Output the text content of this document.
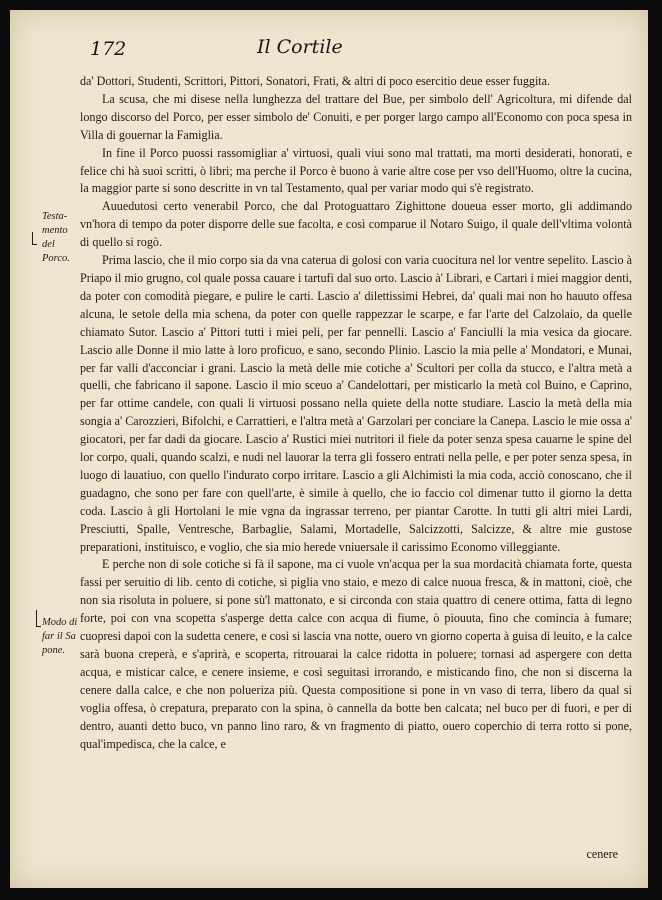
172	Il Cortile
Testa-mento del Porco.
Modo di far il Sa pone.

da' Dottori, Studenti, Scrittori, Pittori, Sonatori, Frati, & altri di poco esercitio deue esser fuggita.

La scusa, che mi disese nella lunghezza del trattare del Bue, per simbolo dell' Agricoltura, mi difende dal longo discorso del Porco, per esser simbolo de' Conuiti, e per porger largo campo all'Economo con poca spesa in Villa di gouernar la Famiglia.

In fine il Porco puossi rassomigliar a' virtuosi, quali viui sono mal trattati, ma morti desiderati, honorati, e felice chi hà suoi scritti, ò libri; ma perche il Porco è buono à varie altre cose per vso dell'Huomo, oltre la cucina, la maggior parte si sono descritte in vn tal Testamento, qual per variar modo qui s'è registrato.

Auuedutosi certo venerabil Porco, che dal Protoguattaro Zighittone doueua esser morto, gli addimando vn'hora di tempo da poter disporre delle sue facolta, e così comparue il Notaro Suigo, il quale dell'vltima volontà di quello si rogò.

Prima lascio, che il mio corpo sia da vna caterua di golosi con varia cuocitura nel lor ventre sepelito. Lascio à Priapo il mio grugno, col quale possa cauare i tartufi dal suo orto. Lascio à' Librari, e Cartari i miei maggior denti, da poter con comodità piegare, e pulire le carti. Lascio a' dilettissimi Hebrei, da' quali mai non ho hauuto offesa alcuna, le setole della mia schena, da poter con quelle rappezzar le scarpe, e far l'arte del Calzolaio, da quelle chiamato Sutor. Lascio a' Pittori tutti i miei peli, per far pennelli. Lascio a' Fanciulli la mia vesica da giocare. Lascio alle Donne il mio latte à loro proficuo, e sano, secondo Plinio. Lascio la mia pelle a' Mondatori, e Munai, per far valli d'acconciar i grani. Lascio la metà delle mie cotiche a' Scultori per colla da stucco, e l'altra metà a quelli, che fabricano il sapone. Lascio il mio sceuo a' Candelottari, per misticarlo la metà col Buino, e Caprino, per far ottime candele, con quali li virtuosi possano nella quiete della notte studiare. Lascio la metà della mia songia a' Carozzieri, Bifolchi, e Carrattieri, e l'altra metà a' Garzolari per conciare la Canepa. Lascio le mie ossa a' giocatori, per far dadi da giocare. Lascio a' Rustici miei nutritori il fiele da poter senza spesa cauarne le spine del lor corpo, quali, quando scalzi, e nudi nel lauorar la terra gli fossero entrati nella pelle, e per poter senza spesa, in luogo di lauatiuo, con quello l'indurato corpo irritare. Lascio a gli Alchimisti la mia coda, acciò conoscano, che il guadagno, che sono per fare con quell'arte, è simile à quello, che io faccio col dimenar tutto il giorno la detta coda. Lascio à gli Hortolani le mie vgna da ingrassar terreno, per piantar Carotte. In tutti gli altri miei Lardi, Presciutti, Spalle, Ventresche, Barbaglie, Salami, Mortadelle, Salcizzotti, Salcizze, & altre mie gustose preparationi, instituisco, e voglio, che sia mio herede vniuersale il carissimo Economo villeggiante.

E perche non di sole cotiche si fà il sapone, ma ci vuole vn'acqua per la sua mordacità chiamata forte, questa fassi per seruitio di lib. cento di cotiche, si piglia vno staio, e mezo di calce nuoua fresca, & in mattoni, cioè, che non sia risoluta in poluere, si pone sù'l mattonato, e si circonda con staia quattro di cenere ottima, fatta di legno forte, poi con vna scopetta s'asperge detta calce con acqua di fiume, ò piouuta, fino che comincia à fumare; cuopresi dapoi con la sudetta cenere, e così si lascia vna notte, ouero vn giorno coperta à guisa di leuito, e la calce sarà buona creperà, e s'aprirà, e scoperta, ritrouarai la calce ridotta in poluere; tornasi ad aspergere con detta acqua, e misticar calce, e cenere insieme, e così seguitasi irrorando, e misticando fino, che non si discerna la cenere dalla calce, e che non polueriza più. Questa compositione si pone in vn vaso di terra, libero da qual si voglia offesa, ò crepatura, preparato con la spina, ò cannella da botte ben calcata; nel buco per di fuori, e per di dentro, auanti detto buco, vn panno lino raro, & vn fragmento di piatto, ouero coperchio di terra rotto si pone, qual'impedisca, che la calce, e

cenere
